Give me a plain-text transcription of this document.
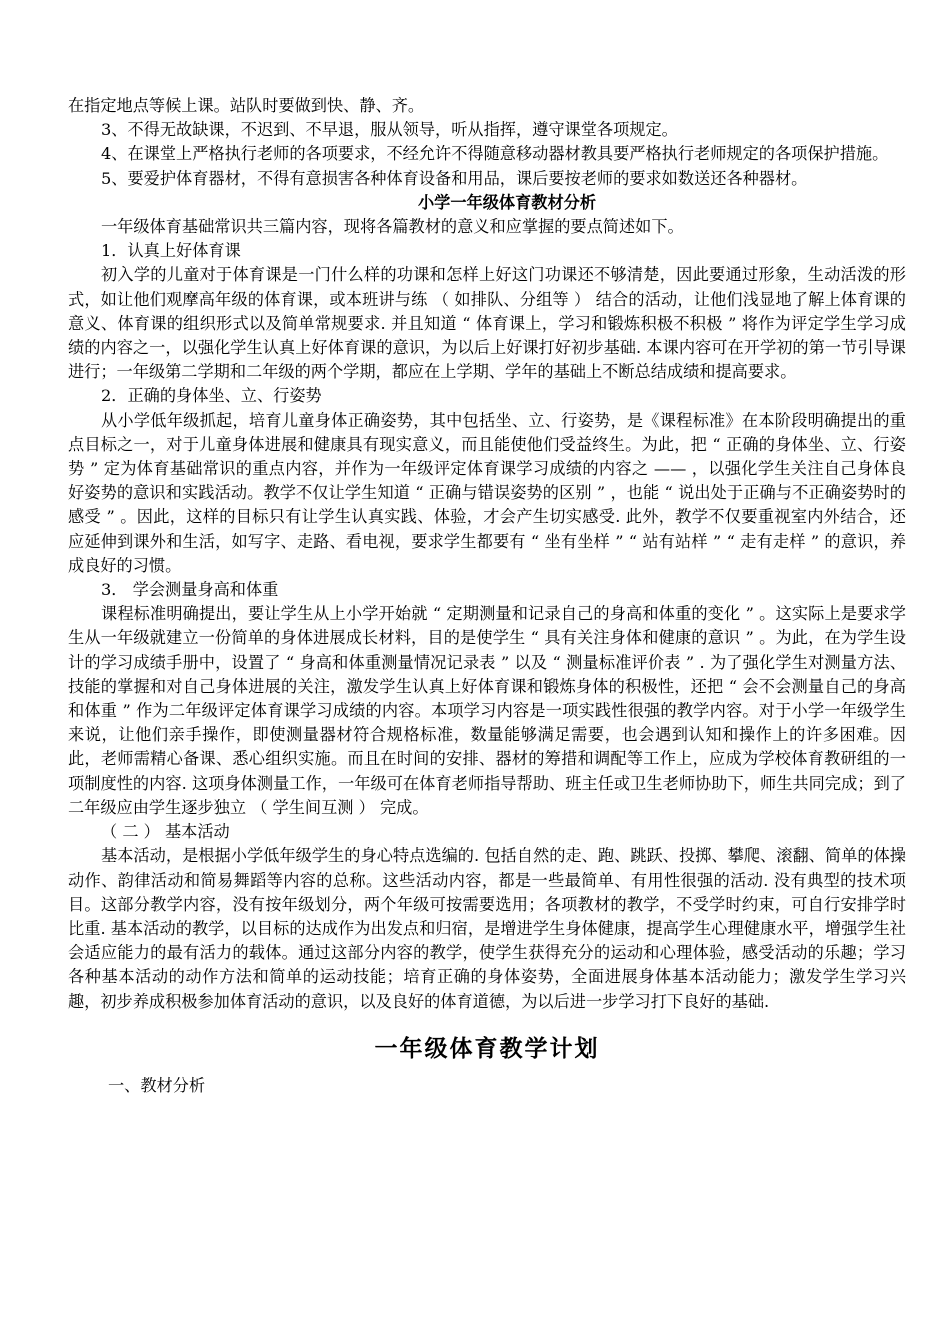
在指定地点等候上课。站队时要做到快、静、齐。

3、不得无故缺课，不迟到、不早退，服从领导，听从指挥，遵守课堂各项规定。

4、在课堂上严格执行老师的各项要求，不经允许不得随意移动器材教具要严格执行老师规定的各项保护措施。

5、要爱护体育器材，不得有意损害各种体育设备和用品，课后要按老师的要求如数送还各种器材。

小学一年级体育教材分析

一年级体育基础常识共三篇内容，现将各篇教材的意义和应掌握的要点简述如下。

1．认真上好体育课

初入学的儿童对于体育课是一门什么样的功课和怎样上好这门功课还不够清楚，因此要通过形象，生动活泼的形式，如让他们观摩高年级的体育课，或本班讲与练 （ 如排队、分组等 ） 结合的活动，让他们浅显地了解上体育课的意义、体育课的组织形式以及简单常规要求. 并且知道 “ 体育课上，学习和锻炼积极不积极 ” 将作为评定学生学习成绩的内容之一，以强化学生认真上好体育课的意识，为以后上好课打好初步基础. 本课内容可在开学初的第一节引导课进行；一年级第二学期和二年级的两个学期，都应在上学期、学年的基础上不断总结成绩和提高要求。

2．正确的身体坐、立、行姿势

从小学低年级抓起，培育儿童身体正确姿势，其中包括坐、立、行姿势，是《课程标准》在本阶段明确提出的重点目标之一，对于儿童身体进展和健康具有现实意义，而且能使他们受益终生。为此，把 “ 正确的身体坐、立、行姿势 ” 定为体育基础常识的重点内容，并作为一年级评定体育课学习成绩的内容之 —— ，以强化学生关注自己身体良好姿势的意识和实践活动。教学不仅让学生知道 “ 正确与错误姿势的区别 ” ，也能 “ 说出处于正确与不正确姿势时的感受 ” 。因此，这样的目标只有让学生认真实践、体验，才会产生切实感受. 此外，教学不仅要重视室内外结合，还应延伸到课外和生活，如写字、走路、看电视，要求学生都要有 “ 坐有坐样 ” “ 站有站样 ” “ 走有走样 ” 的意识，养成良好的习惯。

3． 学会测量身高和体重

课程标准明确提出，要让学生从上小学开始就 “ 定期测量和记录自己的身高和体重的变化 ” 。这实际上是要求学生从一年级就建立一份简单的身体进展成长材料，目的是使学生 “ 具有关注身体和健康的意识 ” 。为此，在为学生设计的学习成绩手册中，设置了 “ 身高和体重测量情况记录表 ” 以及 “ 测量标准评价表 ” . 为了强化学生对测量方法、技能的掌握和对自己身体进展的关注，激发学生认真上好体育课和锻炼身体的积极性，还把 “ 会不会测量自己的身高和体重 ” 作为二年级评定体育课学习成绩的内容。本项学习内容是一项实践性很强的教学内容。对于小学一年级学生来说，让他们亲手操作，即使测量器材符合规格标准，数量能够满足需要，也会遇到认知和操作上的许多困难。因此，老师需精心备课、悉心组织实施。而且在时间的安排、器材的筹措和调配等工作上，应成为学校体育教研组的一项制度性的内容. 这项身体测量工作，一年级可在体育老师指导帮助、班主任或卫生老师协助下，师生共同完成；到了二年级应由学生逐步独立 （ 学生间互测 ） 完成。

（ 二 ） 基本活动

基本活动，是根据小学低年级学生的身心特点选编的. 包括自然的走、跑、跳跃、投掷、攀爬、滚翻、简单的体操动作、韵律活动和简易舞蹈等内容的总称。这些活动内容，都是一些最简单、有用性很强的活动. 没有典型的技术项目。这部分教学内容，没有按年级划分，两个年级可按需要选用；各项教材的教学，不受学时约束，可自行安排学时比重. 基本活动的教学，以目标的达成作为出发点和归宿，是增进学生身体健康，提高学生心理健康水平，增强学生社会适应能力的最有活力的载体。通过这部分内容的教学，使学生获得充分的运动和心理体验，感受活动的乐趣；学习各种基本活动的动作方法和简单的运动技能；培育正确的身体姿势，全面进展身体基本活动能力；激发学生学习兴趣，初步养成积极参加体育活动的意识，以及良好的体育道德，为以后进一步学习打下良好的基础.

一年级体育教学计划

一、教材分析
